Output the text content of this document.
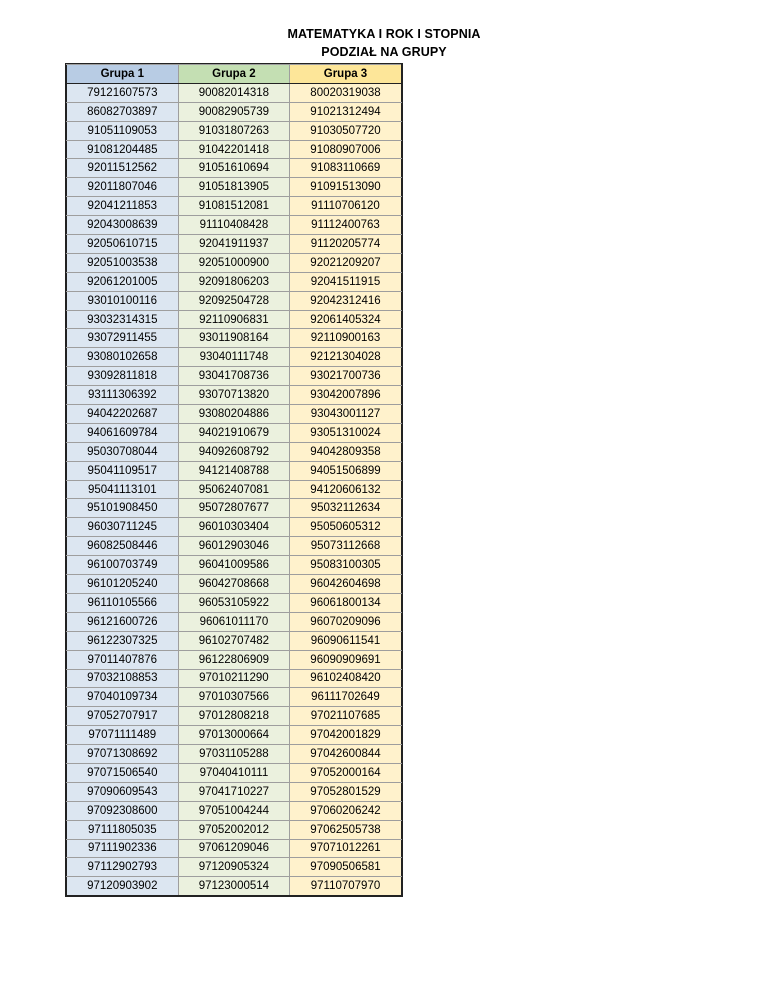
MATEMATYKA I ROK I STOPNIA
PODZIAŁ NA GRUPY
Grupa 1	Grupa 2	Grupa 3
79121607573	90082014318	80020319038
86082703897	90082905739	91021312494
91051109053	91031807263	91030507720
91081204485	91042201418	91080907006
92011512562	91051610694	91083110669
92011807046	91051813905	91091513090
92041211853	91081512081	91110706120
92043008639	91110408428	91112400763
92050610715	92041911937	91120205774
92051003538	92051000900	92021209207
92061201005	92091806203	92041511915
93010100116	92092504728	92042312416
93032314315	92110906831	92061405324
93072911455	93011908164	92110900163
93080102658	93040111748	92121304028
93092811818	93041708736	93021700736
93111306392	93070713820	93042007896
94042202687	93080204886	93043001127
94061609784	94021910679	93051310024
95030708044	94092608792	94042809358
95041109517	94121408788	94051506899
95041113101	95062407081	94120606132
95101908450	95072807677	95032112634
96030711245	96010303404	95050605312
96082508446	96012903046	95073112668
96100703749	96041009586	95083100305
96101205240	96042708668	96042604698
96110105566	96053105922	96061800134
96121600726	96061011170	96070209096
96122307325	96102707482	96090611541
97011407876	96122806909	96090909691
97032108853	97010211290	96102408420
97040109734	97010307566	96111702649
97052707917	97012808218	97021107685
97071111489	97013000664	97042001829
97071308692	97031105288	97042600844
97071506540	97040410111	97052000164
97090609543	97041710227	97052801529
97092308600	97051004244	97060206242
97111805035	97052002012	97062505738
97111902336	97061209046	97071012261
97112902793	97120905324	97090506581
97120903902	97123000514	97110707970
